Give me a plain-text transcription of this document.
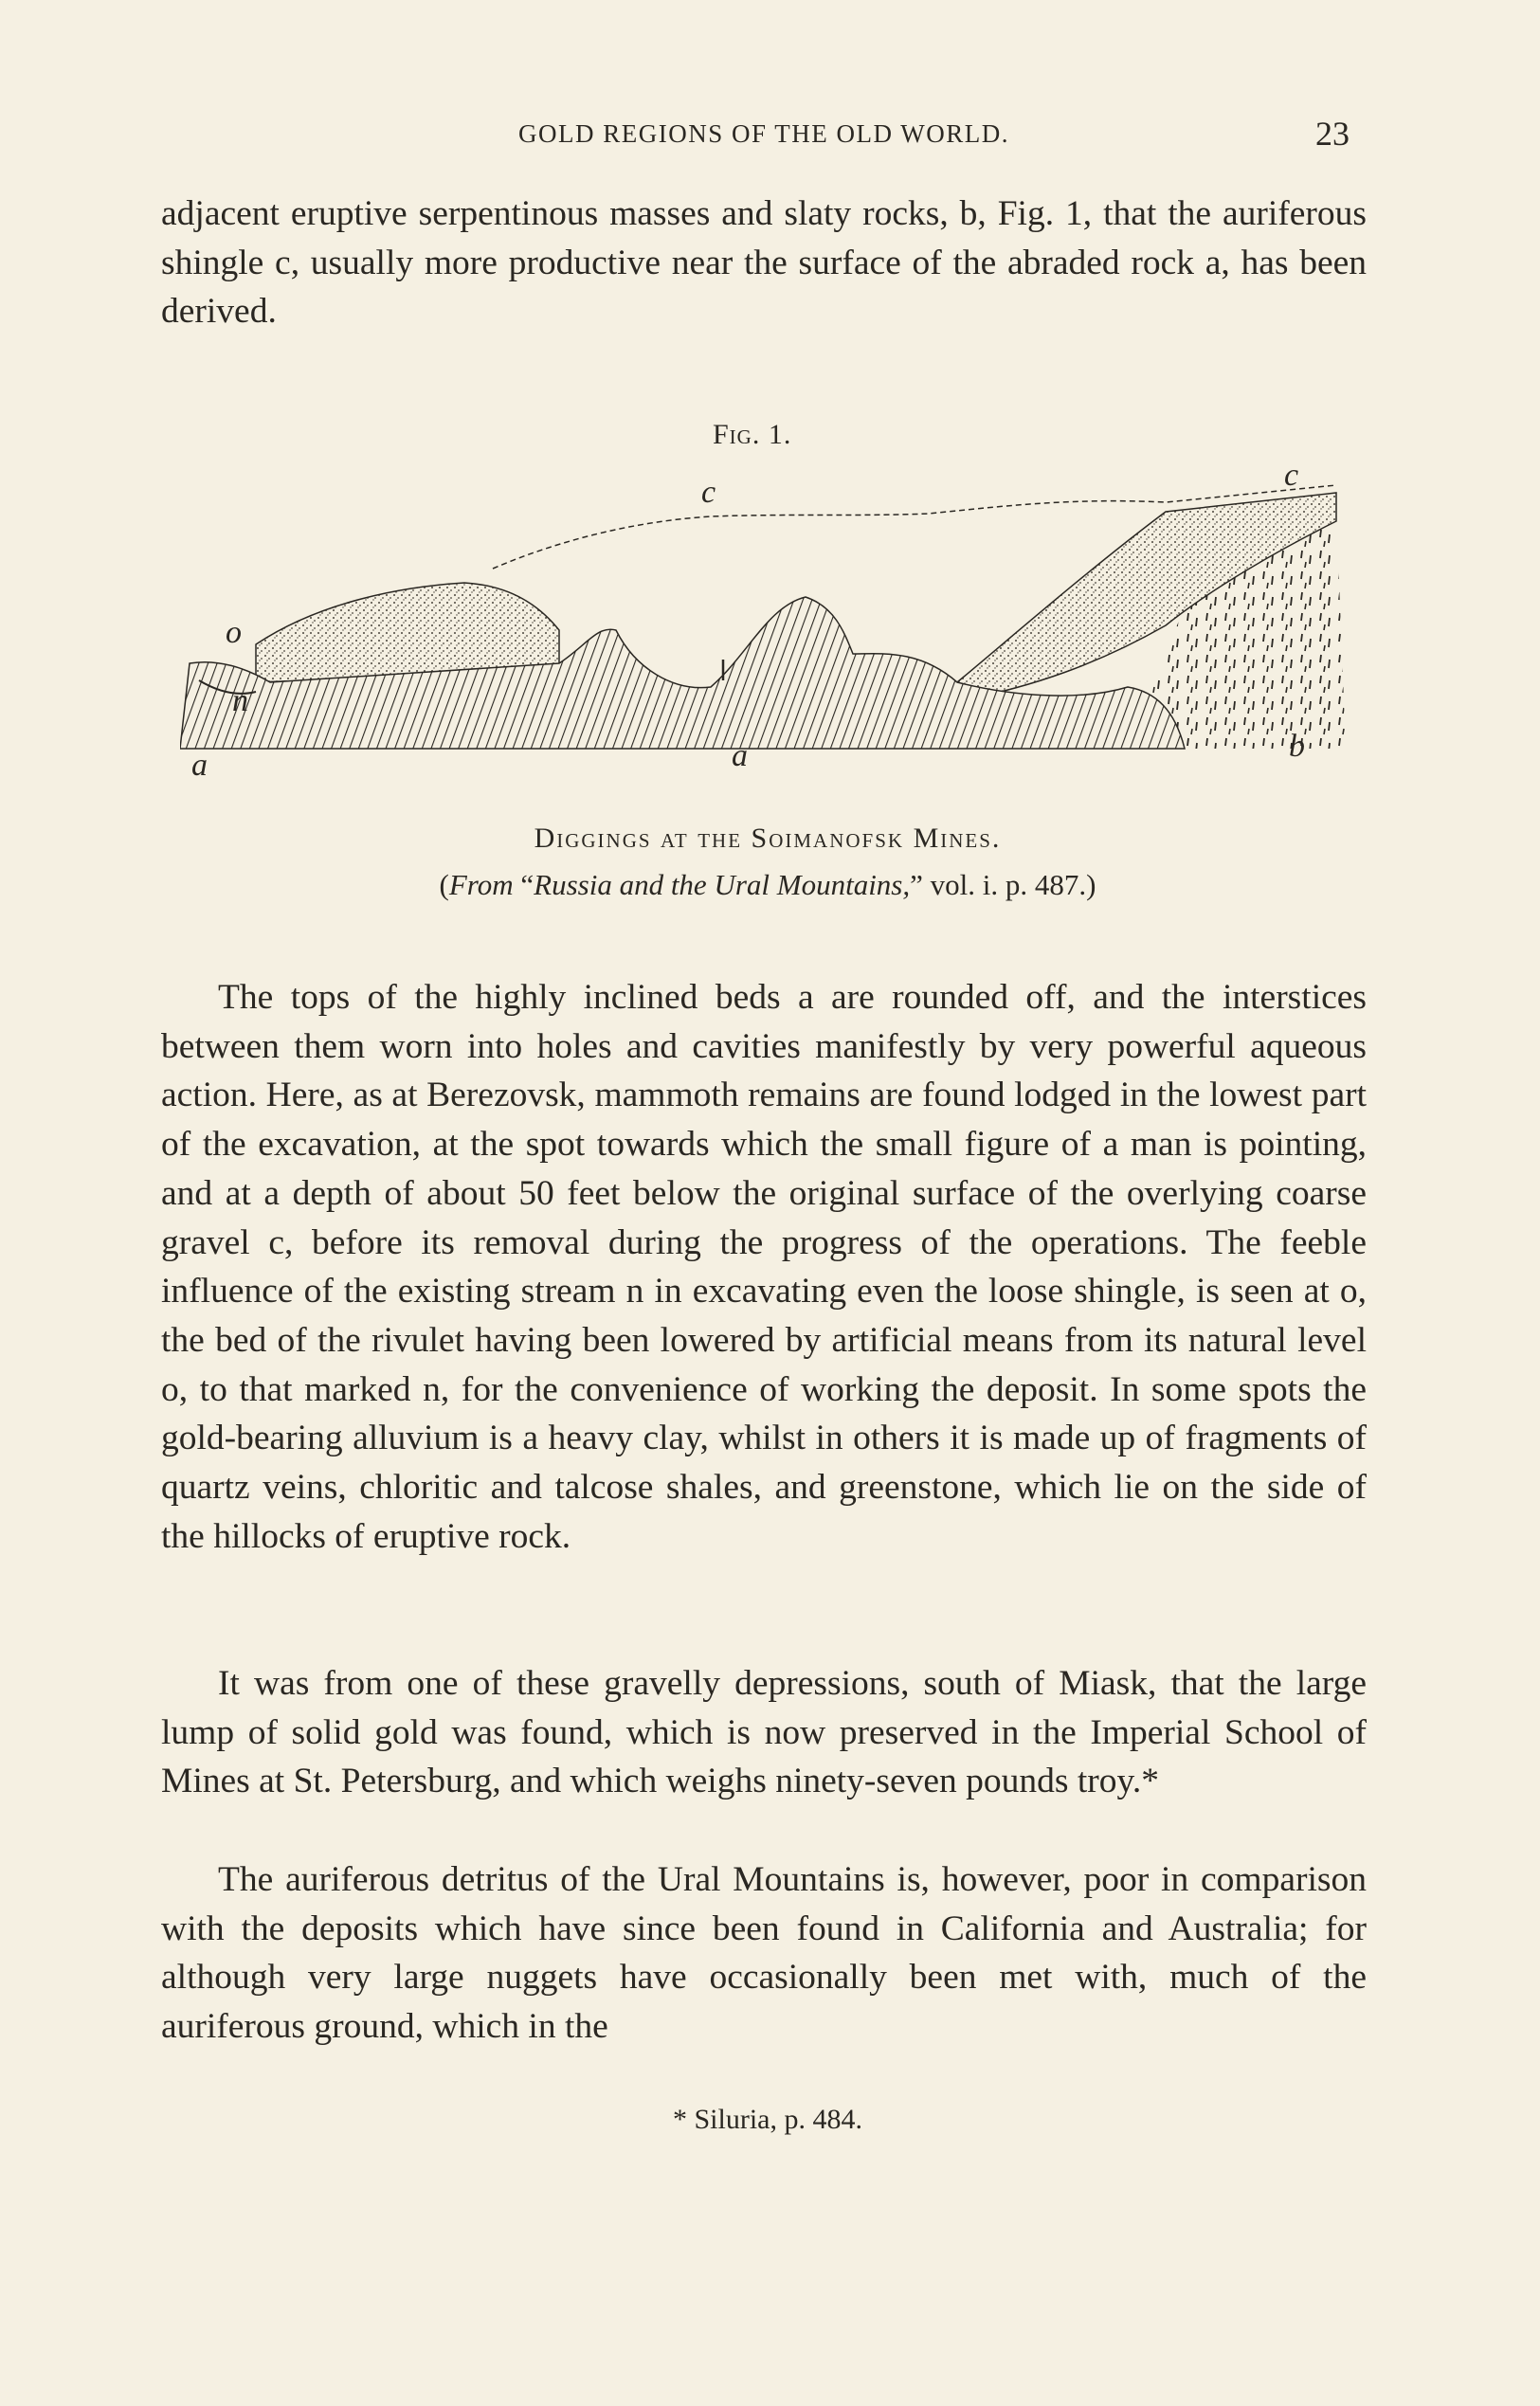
GOLD REGIONS OF THE OLD WORLD.	23

adjacent eruptive serpentinous masses and slaty rocks, b, Fig. 1, that the auriferous shingle c, usually more productive near the surface of the abraded rock a, has been derived.

Fig. 1.
c	c
o
n
a	a	b
Diggings at the Soimanofsk Mines.
(From “Russia and the Ural Mountains,” vol. i. p. 487.)

The tops of the highly inclined beds a are rounded off, and the interstices between them worn into holes and cavities manifestly by very powerful aqueous action. Here, as at Berezovsk, mammoth remains are found lodged in the lowest part of the excavation, at the spot towards which the small figure of a man is pointing, and at a depth of about 50 feet below the original surface of the overlying coarse gravel c, before its removal during the progress of the operations. The feeble influence of the existing stream n in excavating even the loose shingle, is seen at o, the bed of the rivulet having been lowered by artificial means from its natural level o, to that marked n, for the convenience of working the deposit. In some spots the gold-bearing alluvium is a heavy clay, whilst in others it is made up of fragments of quartz veins, chloritic and talcose shales, and greenstone, which lie on the side of the hillocks of eruptive rock.

It was from one of these gravelly depressions, south of Miask, that the large lump of solid gold was found, which is now preserved in the Imperial School of Mines at St. Petersburg, and which weighs ninety-seven pounds troy.*

The auriferous detritus of the Ural Mountains is, however, poor in comparison with the deposits which have since been found in California and Australia; for although very large nuggets have occasionally been met with, much of the auriferous ground, which in the

* Siluria, p. 484.
